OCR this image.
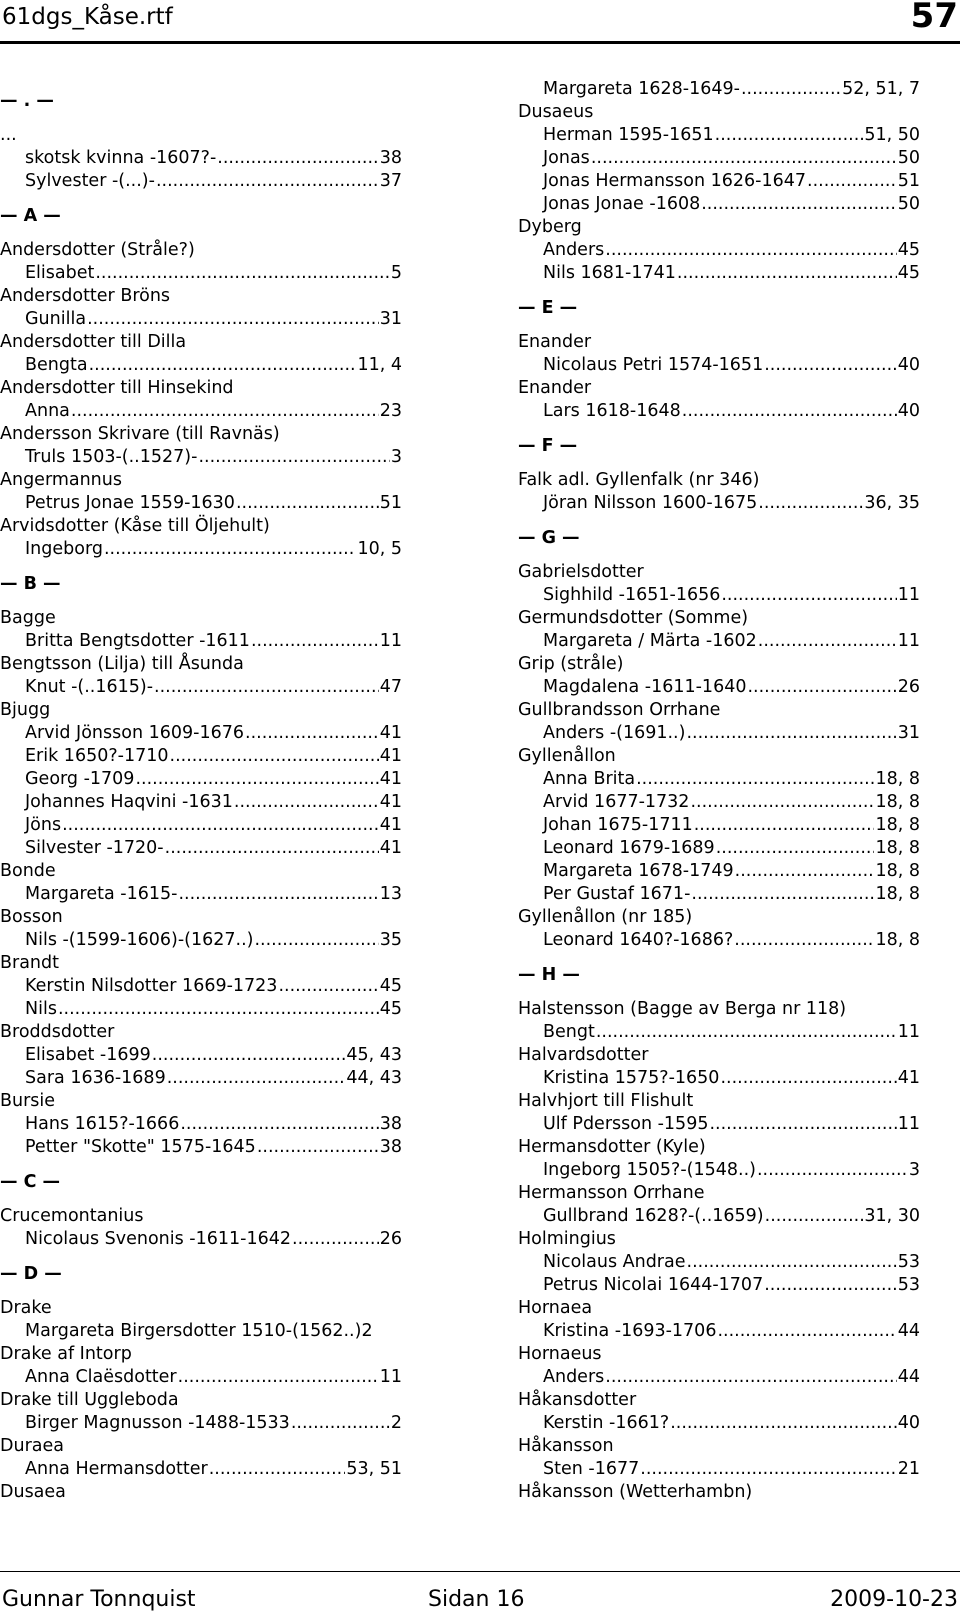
61dgs_Kåse.rtf	57
— . —
...
skotsk kvinna -1607?- .....	38
Sylvester -(...)- .....	37
— A —
Andersdotter (Stråle?)
Elisabet .....	5
Andersdotter Bröns
Gunilla .....	31
Andersdotter till Dilla
Bengta .....	11, 4
Andersdotter till Hinsekind
Anna .....	23
Andersson Skrivare (till Ravnäs)
Truls 1503-(..1527)- .....	3
Angermannus
Petrus Jonae 1559-1630 .....	51
Arvidsdotter (Kåse till Öljehult)
Ingeborg .....	10, 5
— B —
Bagge
Britta Bengtsdotter -1611 .....	11
Bengtsson (Lilja) till Åsunda
Knut -(..1615)- .....	47
Bjugg
Arvid Jönsson 1609-1676 .....	41
Erik 1650?-1710 .....	41
Georg -1709 .....	41
Johannes Haqvini -1631 .....	41
Jöns .....	41
Silvester -1720- .....	41
Bonde
Margareta -1615- .....	13
Bosson
Nils -(1599-1606)-(1627..) .....	35
Brandt
Kerstin Nilsdotter 1669-1723 .....	45
Nils .....	45
Broddsdotter
Elisabet -1699 .....	45, 43
Sara 1636-1689 .....	44, 43
Bursie
Hans 1615?-1666 .....	38
Petter "Skotte" 1575-1645 .....	38
— C —
Crucemontanius
Nicolaus Svenonis -1611-1642 .....	26
— D —
Drake
Margareta Birgersdotter 1510-(1562..) 2
Drake af Intorp
Anna Claësdotter .....	11
Drake till Uggleboda
Birger Magnusson -1488-1533 .....	2
Duraea
Anna Hermansdotter .....	53, 51
Dusaea
Margareta 1628-1649- .....	52, 51, 7
Dusaeus
Herman 1595-1651 .....	51, 50
Jonas .....	50
Jonas Hermansson 1626-1647 .....	51
Jonas Jonae -1608 .....	50
Dyberg
Anders .....	45
Nils 1681-1741 .....	45
— E —
Enander
Nicolaus Petri 1574-1651 .....	40
Enander
Lars 1618-1648 .....	40
— F —
Falk adl. Gyllenfalk (nr 346)
Jöran Nilsson 1600-1675 .....	36, 35
— G —
Gabrielsdotter
Sighhild -1651-1656 .....	11
Germundsdotter (Somme)
Margareta / Märta -1602 .....	11
Grip (stråle)
Magdalena -1611-1640 .....	26
Gullbrandsson Orrhane
Anders -(1691..) .....	31
Gyllenållon
Anna Brita .....	18, 8
Arvid 1677-1732 .....	18, 8
Johan 1675-1711 .....	18, 8
Leonard 1679-1689 .....	18, 8
Margareta 1678-1749 .....	18, 8
Per Gustaf 1671- .....	18, 8
Gyllenållon (nr 185)
Leonard 1640?-1686? .....	18, 8
— H —
Halstensson (Bagge av Berga nr 118)
Bengt .....	11
Halvardsdotter
Kristina 1575?-1650 .....	41
Halvhjort till Flishult
Ulf Pdersson -1595 .....	11
Hermansdotter (Kyle)
Ingeborg 1505?-(1548..) .....	3
Hermansson Orrhane
Gullbrand 1628?-(..1659) .....	31, 30
Holmingius
Nicolaus Andrae .....	53
Petrus Nicolai 1644-1707 .....	53
Hornaea
Kristina -1693-1706 .....	44
Hornaeus
Anders .....	44
Håkansdotter
Kerstin -1661? .....	40
Håkansson
Sten -1677 .....	21
Håkansson (Wetterhambn)
Gunnar Tonnquist	Sidan 16	2009-10-23
